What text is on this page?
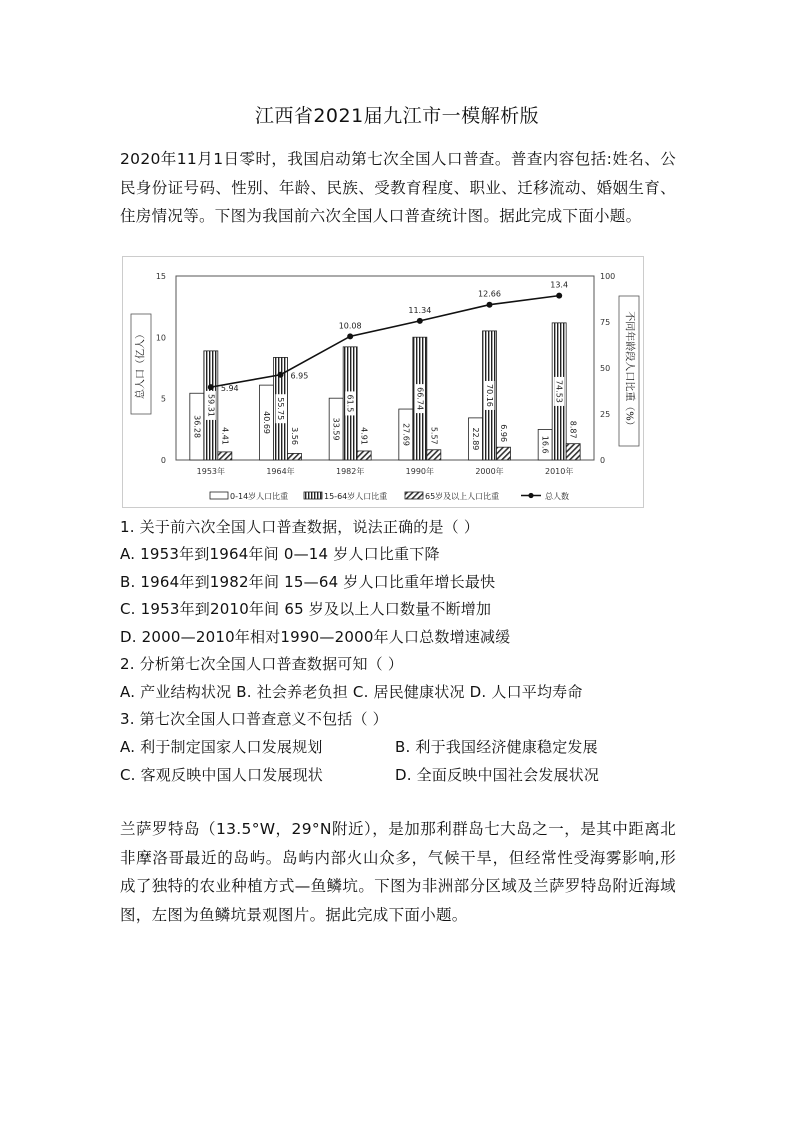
江西省2021届九江市一模解析版
2020年11月1日零时，我国启动第七次全国人口普查。普查内容包括:姓名、公民身份证号码、性别、年龄、民族、受教育程度、职业、迁移流动、婚姻生育、住房情况等。下图为我国前六次全国人口普查统计图。据此完成下面小题。
0
5
10
15
0
25
50
75
100
总人口（亿人）	不同年龄段人口比重（%）
1953年
36.28
59.31
4.41
1964年
40.69
55.75
3.56
1982年
33.59
61.5
4.91
1990年
27.69
66.74
5.57
2000年
22.89
70.16
6.96
2010年
16.6
74.53
8.87
5.94
6.95
10.08
11.34
12.66
13.4
0-14岁人口比重	15-64岁人口比重	65岁及以上人口比重	总人数
1. 关于前六次全国人口普查数据，说法正确的是（ ）
A. 1953年到1964年间 0—14 岁人口比重下降
B. 1964年到1982年间 15—64 岁人口比重年增长最快
C. 1953年到2010年间 65 岁及以上人口数量不断增加
D. 2000—2010年相对1990—2000年人口总数增速减缓
2. 分析第七次全国人口普查数据可知（ ）
A. 产业结构状况 B. 社会养老负担 C. 居民健康状况 D. 人口平均寿命
3. 第七次全国人口普查意义不包括（ ）
A. 利于制定国家人口发展规划	B. 利于我国经济健康稳定发展
C. 客观反映中国人口发展现状	D. 全面反映中国社会发展状况
兰萨罗特岛（13.5°W，29°N附近），是加那利群岛七大岛之一，是其中距离北非摩洛哥最近的岛屿。岛屿内部火山众多，气候干旱，但经常性受海雾影响,形成了独特的农业种植方式—鱼鳞坑。下图为非洲部分区域及兰萨罗特岛附近海域图，左图为鱼鳞坑景观图片。据此完成下面小题。
